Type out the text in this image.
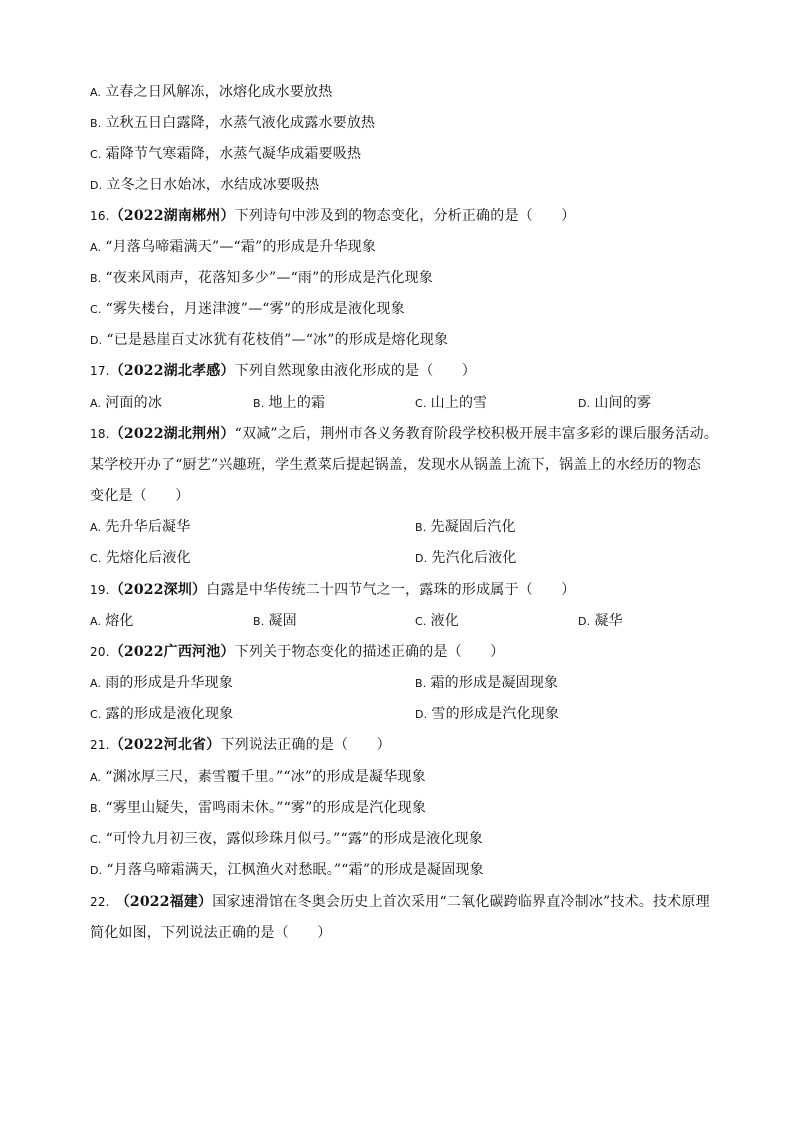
A. 立春之日风解冻，冰熔化成水要放热
B. 立秋五日白露降，水蒸气液化成露水要放热
C. 霜降节气寒霜降，水蒸气凝华成霜要吸热
D. 立冬之日水始冰，水结成冰要吸热
16.（2022湖南郴州）下列诗句中涉及到的物态变化，分析正确的是（　　）
A. “月落乌啼霜满天”—“霜”的形成是升华现象
B. “夜来风雨声，花落知多少”—“雨”的形成是汽化现象
C. “雾失楼台，月迷津渡”—“雾”的形成是液化现象
D. “已是悬崖百丈冰犹有花枝俏”—“冰”的形成是熔化现象
17.（2022湖北孝感）下列自然现象由液化形成的是（　　）
A. 河面的冰	B. 地上的霜	C. 山上的雪	D. 山间的雾
18.（2022湖北荆州）“双减”之后，荆州市各义务教育阶段学校积极开展丰富多彩的课后服务活动。
某学校开办了“厨艺”兴趣班，学生煮菜后提起锅盖，发现水从锅盖上流下，锅盖上的水经历的物态
变化是（　　）
A. 先升华后凝华	B. 先凝固后汽化
C. 先熔化后液化	D. 先汽化后液化
19.（2022深圳）白露是中华传统二十四节气之一，露珠的形成属于（　　）
A. 熔化	B. 凝固	C. 液化	D. 凝华
20.（2022广西河池）下列关于物态变化的描述正确的是（　　）
A. 雨的形成是升华现象	B. 霜的形成是凝固现象
C. 露的形成是液化现象	D. 雪的形成是汽化现象
21.（2022河北省）下列说法正确的是（　　）
A. “渊冰厚三尺，素雪覆千里。”“冰”的形成是凝华现象
B. “雾里山疑失，雷鸣雨未休。”“雾”的形成是汽化现象
C. “可怜九月初三夜，露似珍珠月似弓。”“露”的形成是液化现象
D. “月落乌啼霜满天，江枫渔火对愁眠。”“霜”的形成是凝固现象
22. （2022福建）国家速滑馆在冬奥会历史上首次采用“二氧化碳跨临界直冷制冰”技术。技术原理
简化如图，下列说法正确的是（　　）
